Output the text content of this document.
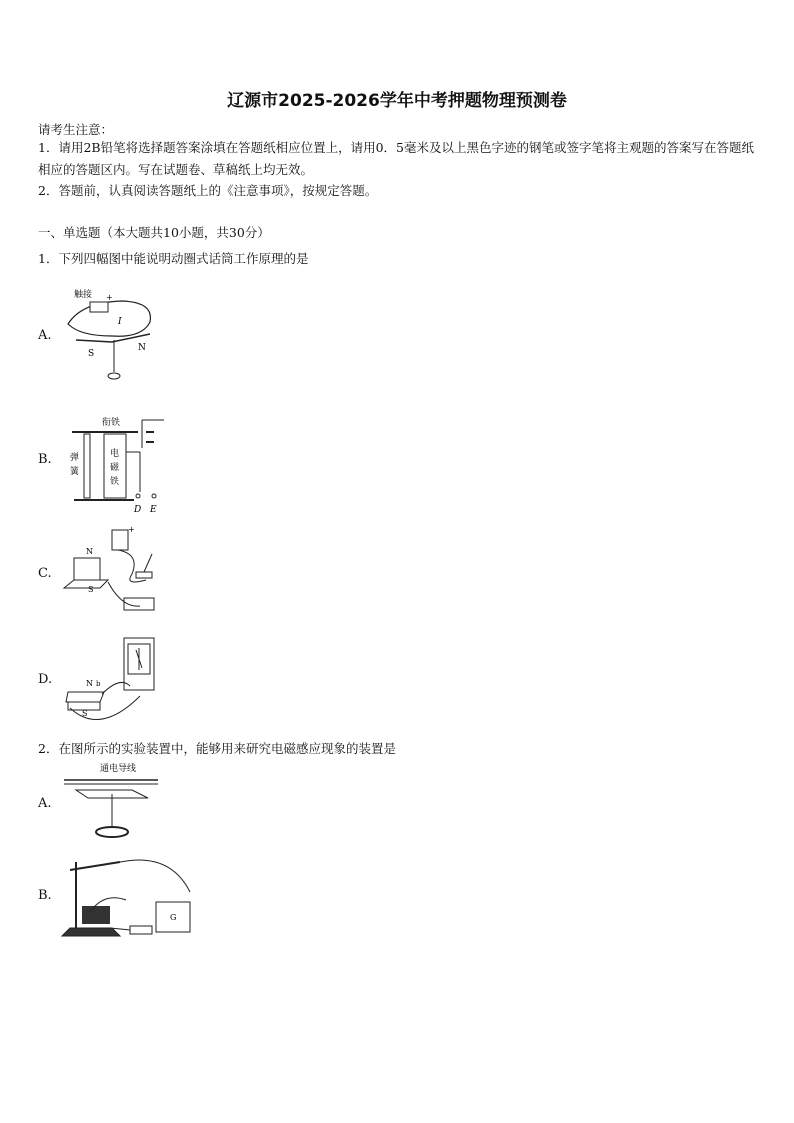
辽源市2025-2026学年中考押题物理预测卷
请考生注意：
1．请用2B铅笔将选择题答案涂填在答题纸相应位置上，请用0．5毫米及以上黑色字迹的钢笔或签字笔将主观题的答案写在答题纸相应的答题区内。写在试题卷、草稿纸上均无效。
2．答题前，认真阅读答题纸上的《注意事项》，按规定答题。
一、单选题（本大题共10小题，共30分）
1．下列四幅图中能说明动圈式话筒工作原理的是
A.
触接 +
I
S
N
B.
衔铁
弹
簧
电
磁
铁
D E
C.
+
N
S
D.	N
S
b
2．在图所示的实验装置中，能够用来研究电磁感应现象的装置是
A.
通电导线
B.
G
